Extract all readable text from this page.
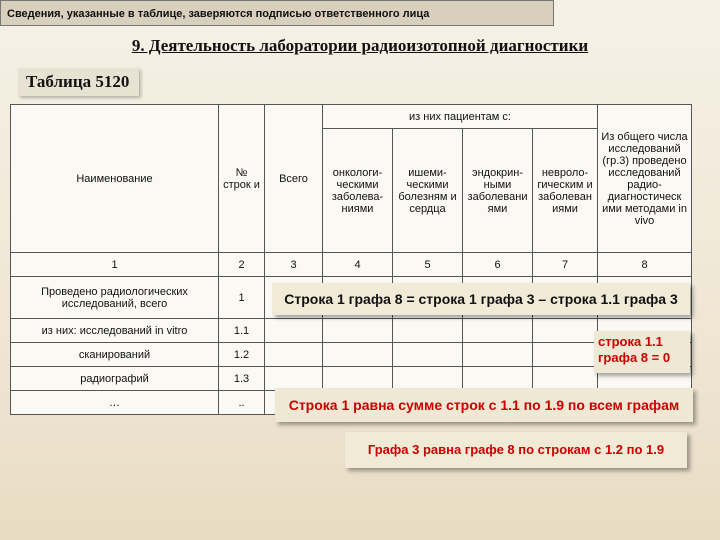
9. Деятельность лаборатории радиоизотопной диагностики
Таблица 5120
Наименование	№ строк и	Всего	из них пациентам с:				Из общего числа исследований (гр.3) проведено исследований радио-диагностическ ими методами in vivo
			онкологи-ческими заболева-ниями	ишеми-ческими болезням и сердца	эндокрин-ными заболевани ями	невроло-гическим и заболеван иями	
1	2	3	4	5	6	7	8
Проведено радиологических исследований, всего	1						
из них: исследований in vitro	1.1						
сканирований	1.2						
радиографий	1.3						
…	..						
Строка 1 графа 8 = строка 1 графа 3 – строка 1.1 графа 3
строка 1.1 графа 8 = 0
Строка 1 равна сумме строк с 1.1 по 1.9 по всем графам
Графа 3 равна графе 8 по строкам с 1.2 по 1.9
Сведения, указанные в таблице, заверяются подписью ответственного лица
